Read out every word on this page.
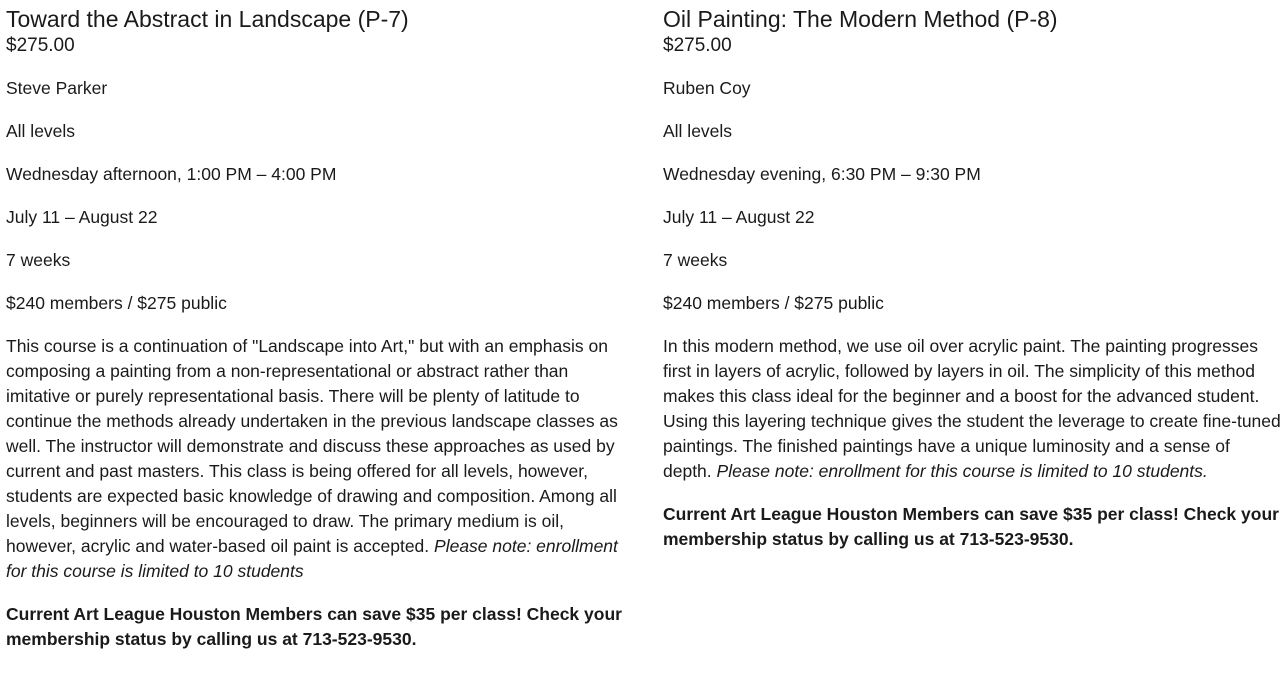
Toward the Abstract in Landscape (P-7)
$275.00
Steve Parker
All levels
Wednesday afternoon, 1:00 PM – 4:00 PM
July 11 – August 22
7 weeks
$240 members / $275 public

This course is a continuation of "Landscape into Art," but with an emphasis on composing a painting from a non-representational or abstract rather than imitative or purely representational basis. There will be plenty of latitude to continue the methods already undertaken in the previous landscape classes as well. The instructor will demonstrate and discuss these approaches as used by current and past masters. This class is being offered for all levels, however, students are expected basic knowledge of drawing and composition. Among all levels, beginners will be encouraged to draw. The primary medium is oil, however, acrylic and water-based oil paint is accepted. Please note: enrollment for this course is limited to 10 students

Current Art League Houston Members can save $35 per class! Check your membership status by calling us at 713-523-9530.

Oil Painting: The Modern Method (P-8)
$275.00
Ruben Coy
All levels
Wednesday evening, 6:30 PM – 9:30 PM
July 11 – August 22
7 weeks
$240 members / $275 public

In this modern method, we use oil over acrylic paint. The painting progresses first in layers of acrylic, followed by layers in oil. The simplicity of this method makes this class ideal for the beginner and a boost for the advanced student. Using this layering technique gives the student the leverage to create fine-tuned paintings. The finished paintings have a unique luminosity and a sense of depth. Please note: enrollment for this course is limited to 10 students.

Current Art League Houston Members can save $35 per class! Check your membership status by calling us at 713-523-9530.
